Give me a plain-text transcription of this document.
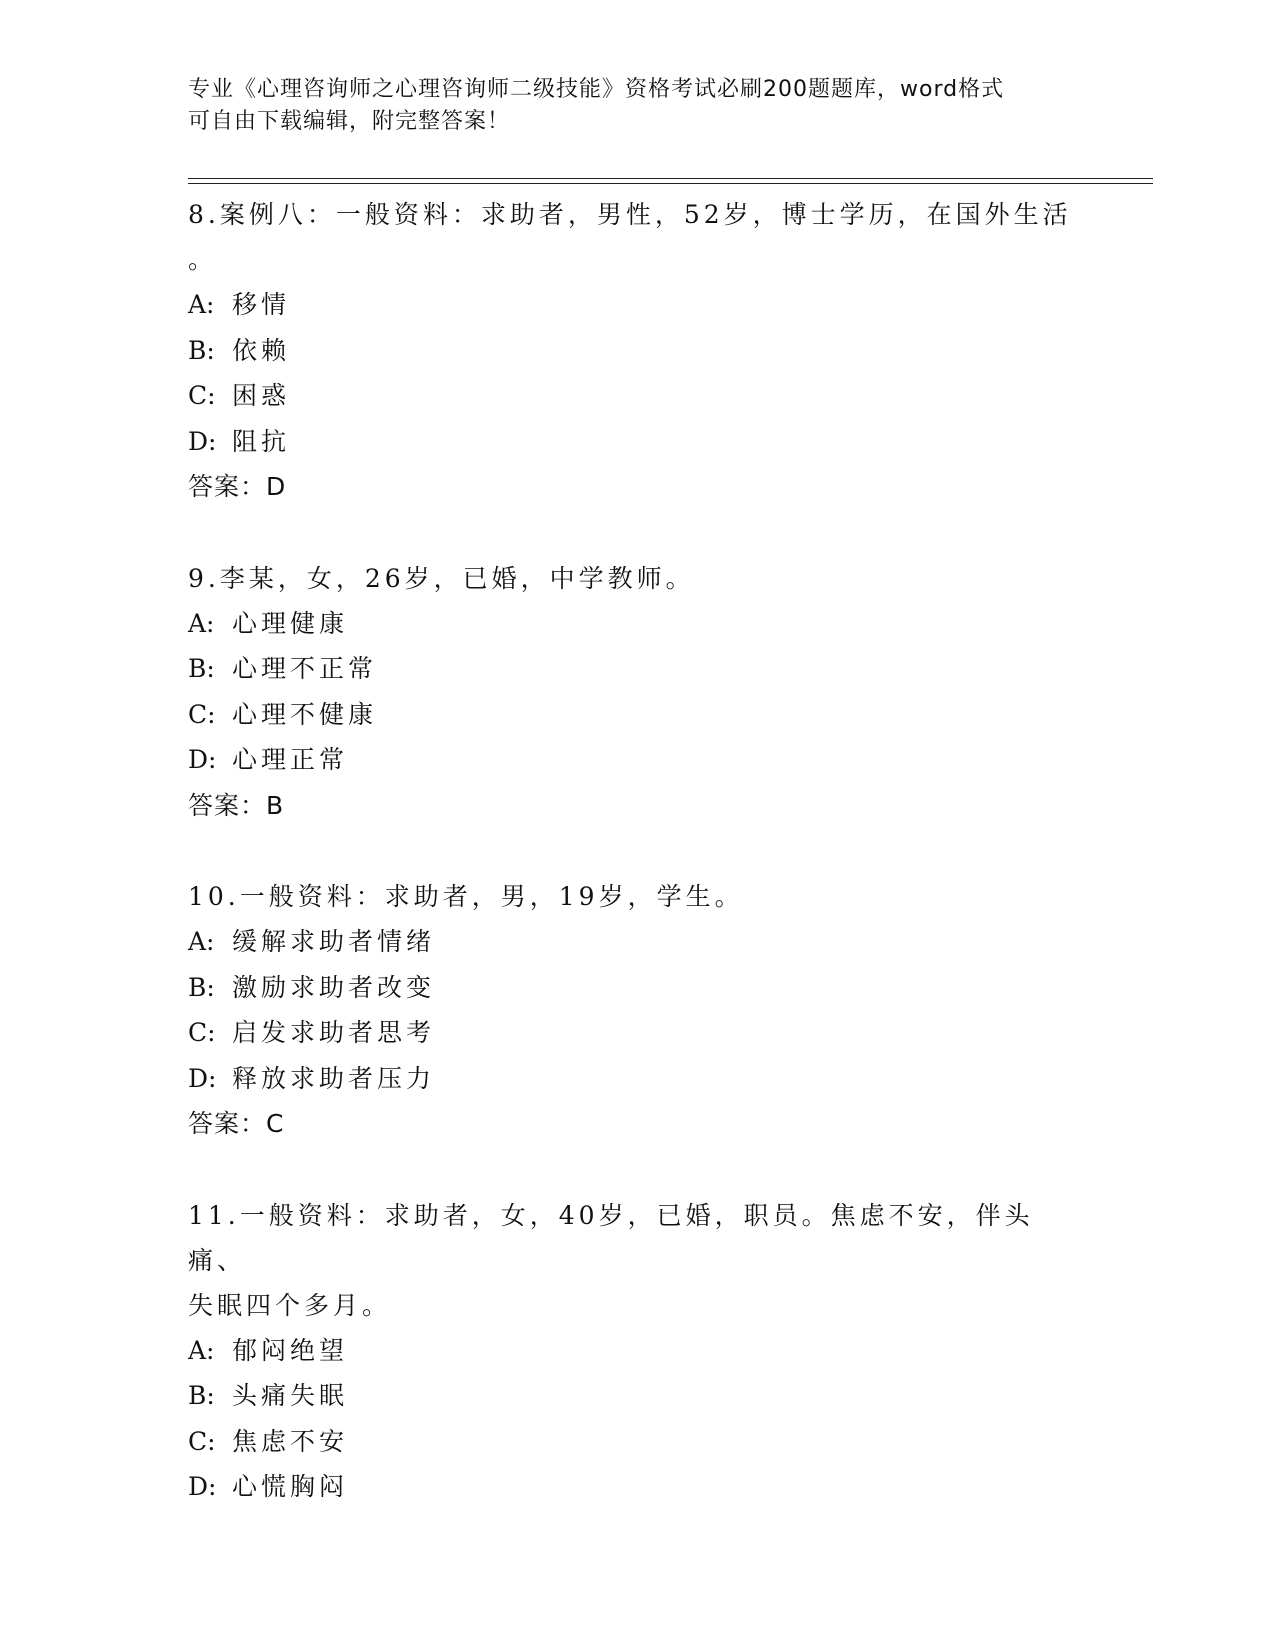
专业《心理咨询师之心理咨询师二级技能》资格考试必刷200题题库，word格式

可自由下载编辑，附完整答案！

8.案例八：一般资料：求助者，男性，52岁，博士学历，在国外生活

。

A: 移情

B: 依赖

C: 困惑

D: 阻抗

答案：D

9.李某，女，26岁，已婚，中学教师。

A: 心理健康

B: 心理不正常

C: 心理不健康

D: 心理正常

答案：B

10.一般资料：求助者，男，19岁，学生。

A: 缓解求助者情绪

B: 激励求助者改变

C: 启发求助者思考

D: 释放求助者压力

答案：C

11.一般资料：求助者，女，40岁，已婚，职员。焦虑不安，伴头痛、

失眠四个多月。

A: 郁闷绝望

B: 头痛失眠

C: 焦虑不安

D: 心慌胸闷
